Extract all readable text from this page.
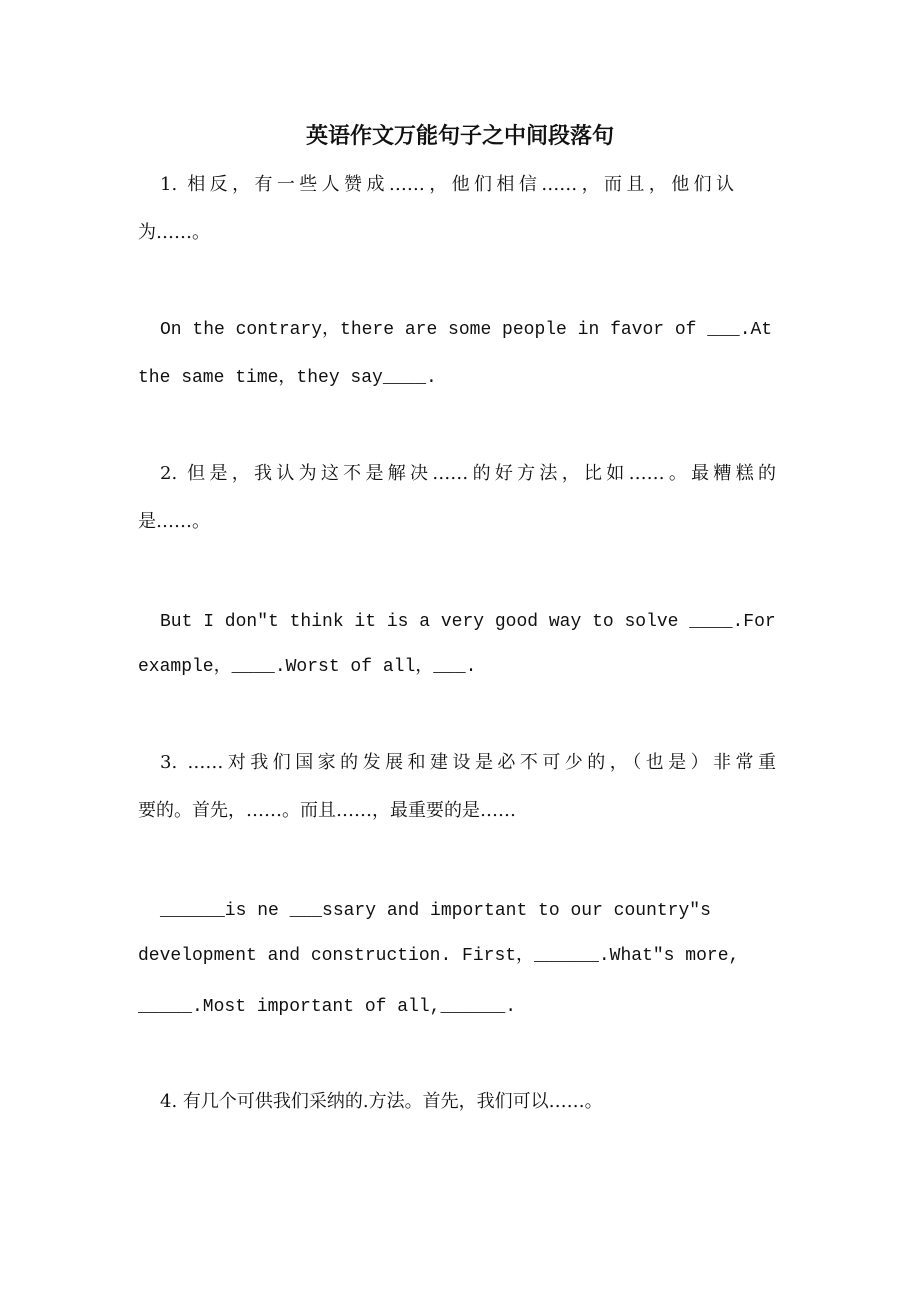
英语作文万能句子之中间段落句
1. 相反，有一些人赞成……，他们相信……，而且，他们认
为……。
On the contrary，there are some people in favor of ___.At
the same time，they say____.
2. 但是，我认为这不是解决……的好方法，比如……。最糟糕的
是……。
But I don″t think it is a very good way to solve ____.For
example，____.Worst of all，___.
3. ……对我们国家的发展和建设是必不可少的，（也是）非常重
要的。首先，……。而且……，最重要的是……
______is ne ___ssary and important to our country″s
development and construction. First，______.What″s more,
_____.Most important of all,______.
4. 有几个可供我们采纳的.方法。首先，我们可以……。
